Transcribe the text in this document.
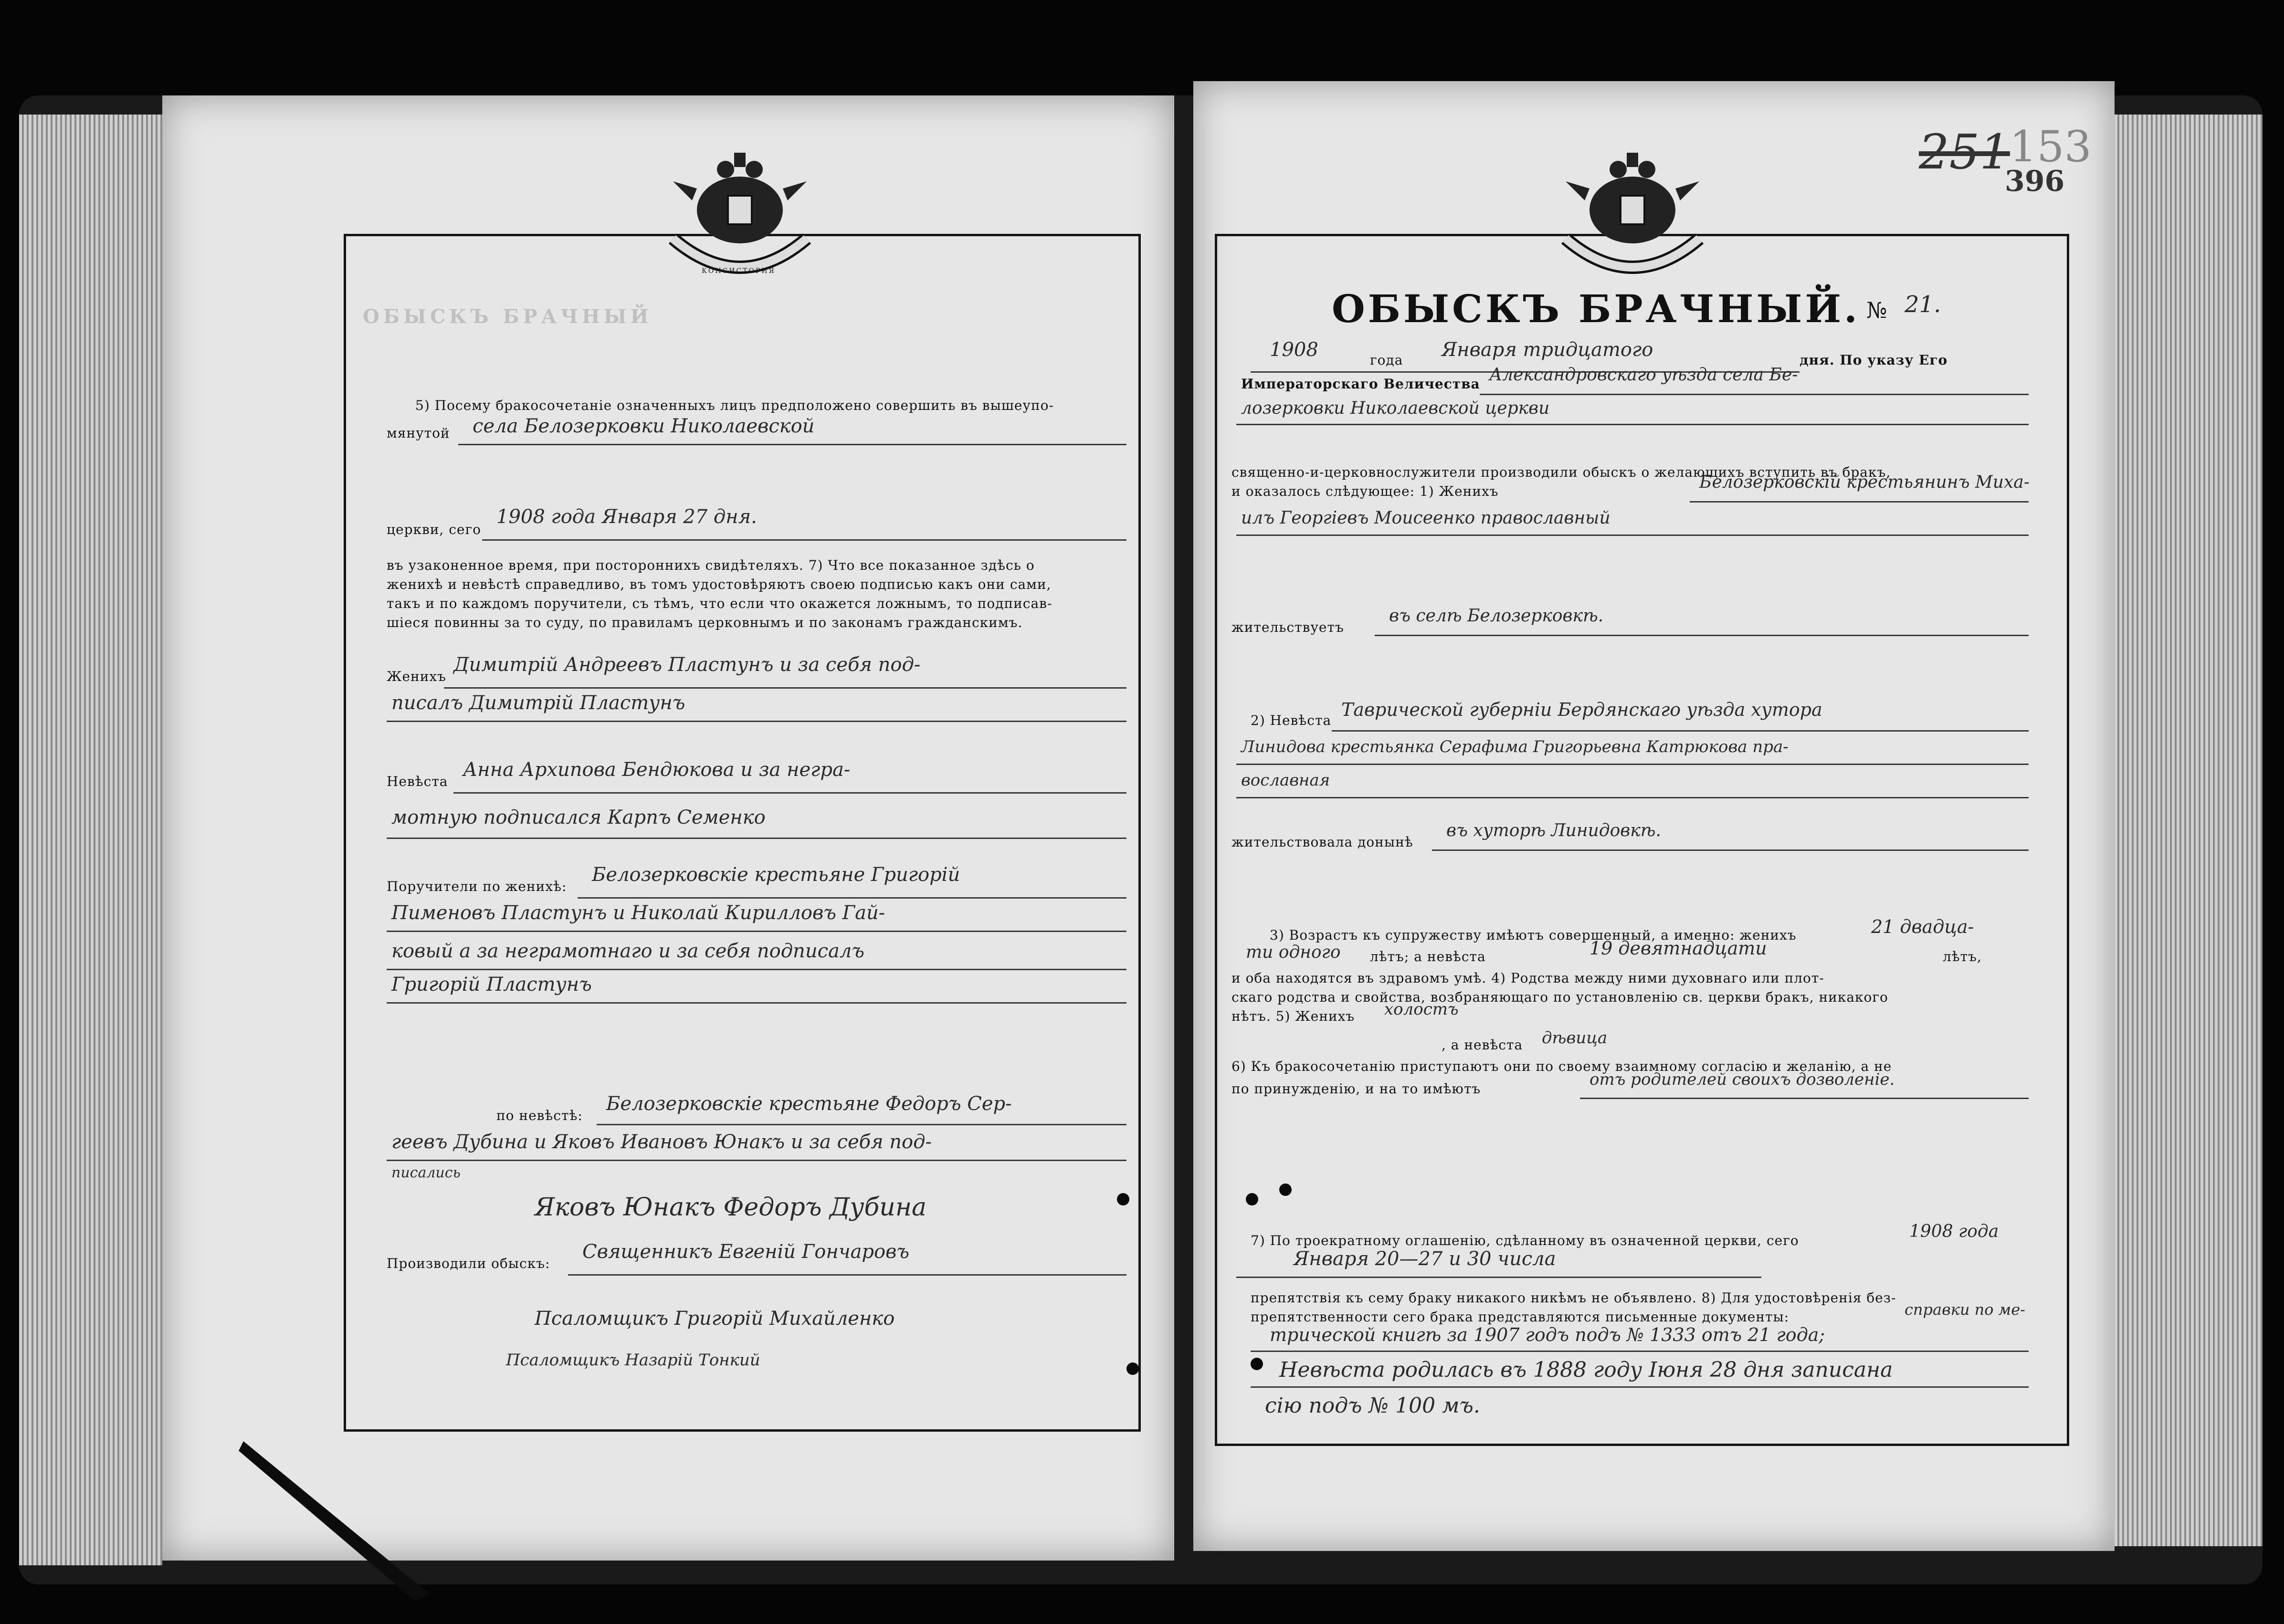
ОБЫСКЪ БРАЧНЫЙ
КОНСИСТОРИЯ
5) Посему бракосочетанiе означенныхъ лицъ предположено совершить въ вышеупо-
мянутой села Белозерковки Николаевской
церкви, сего
1908 года Января 27 дня.
въ узаконенное время, при постороннихъ свидѣтеляхъ. 7) Что все показанное здѣсь о
женихѣ и невѣстѣ справедливо, въ томъ удостовѣряютъ своею подписью какъ они сами,
такъ и по каждомъ поручители, съ тѣмъ, что если что окажется ложнымъ, то подписав-
шiеся повинны за то суду, по правиламъ церковнымъ и по законамъ гражданскимъ.
Женихъ
Димитрiй Андреевъ Пластунъ и за себя под-
писалъ Димитрiй Пластунъ
Невѣста
Анна Архипова Бендюкова и за негра-
мотную подписался Карпъ Семенко
Поручители по женихѣ:
Белозерковскiе крестьяне Григорiй
Пименовъ Пластунъ и Николай Кирилловъ Гай-
ковый а за неграмотнаго и за себя подписалъ
Григорiй Пластунъ
по невѣстѣ:
Белозерковскiе крестьяне Федоръ Сер-
геевъ Дубина и Яковъ Ивановъ Юнакъ и за себя под-
писались
Яковъ Юнакъ Федоръ Дубина
Производили обыскъ:
Священникъ Евгенiй Гончаровъ
Псаломщикъ Григорiй Михайленко
Псаломщикъ Назарiй Тонкий
251 153
396
ОБЫСКЪ БРАЧНЫЙ. № 21.
1908	года Января тридцатого	дня. По указу Его
Императорскаго Величества Александровскаго уѣзда села Бе-
лозерковки Николаевской церкви
священно-и-церковнослужители производили обыскъ о желающихъ вступить въ бракъ,
и оказалось слѣдующее: 1) Женихъ	Белозерковскiй крестьянинъ Миха-
илъ Георгiевъ Моисеенко православный
жительствуетъ
въ селѣ Белозерковкѣ.
2) Невѣста
Таврической губернiи Бердянскаго уѣзда хутора
Линидова крестьянка Серафима Григорьевна Катрюкова пра-
вославная
жительствовала донынѣ
въ хуторѣ Линидовкѣ.
3) Возрастъ къ супружеству имѣютъ совершенный, а именно: женихъ	21 двадца-
ти одного лѣтъ; а невѣста	19 девятнадцати	лѣтъ,
и оба находятся въ здравомъ умѣ. 4) Родства между ними духовнаго или плот-
скаго родства и свойства, возбраняющаго по установленiю св. церкви бракъ, никакого
нѣтъ. 5) Женихъ холостъ
, а невѣста дѣвица
6) Къ бракосочетанiю приступаютъ они по своему взаимному согласiю и желанiю, а не
по принужденiю, и на то имѣютъ	отъ родителей своихъ дозволенiе.
7) По троекратному оглашенiю, сдѣланному въ означенной церкви, сего	1908 года
Января 20—27 и 30 числа
препятствiя къ сему браку никакого никѣмъ не объявлено. 8) Для удостовѣренiя без-
препятственности сего брака представляются письменные документы:	справки по ме-
трической книгѣ за 1907 годъ подъ № 1333 отъ 21 года;
Невѣста родилась въ 1888 году Iюня 28 дня записана
сiю подъ № 100 мъ.
